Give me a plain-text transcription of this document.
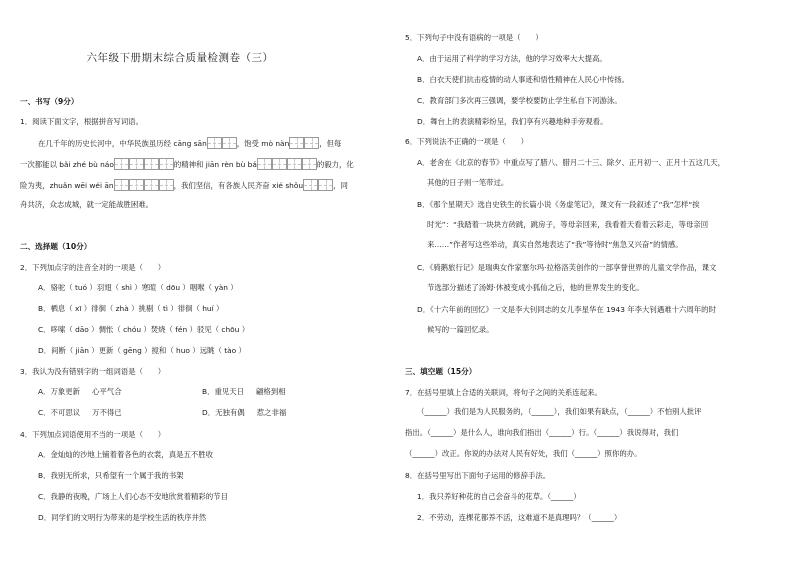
六年级下册期末综合质量检测卷（三）
一、书写（9分）
1．阅读下面文字，根据拼音写词语。
在几千年的历史长河中，中华民族虽历经 cāng sān	，饱受 mò nàn	，但每
一次都能以 bǎi zhé bù náo	的精神和 jiān rèn bù bá	的毅力，化
险为夷，zhuǎn wēi wéi ān	，我们坚信，有各族人民齐奋 xié shǒu	，同
舟共济，众志成城，就一定能战胜困难。
二、选择题（10分）
2．下列加点字的注音全对的一项是（　　）
A．骆驼（ tuó ）羽翅（ shì ）寒暄（ dōu ）咽喉（ yàn ）
B．栖息（ xī ）徘徊（ zhà ）挑剔（ tì ）徘徊（ huí ）
C．哆嗦（ dāo ）惆怅（ chóu ）焚烧（ fén ）驳见（ chōu ）
D．间断（ jiān ）更新（ gēng ）搅和（ huo ）远眺（ tào ）
3．我认为没有错别字的一组词语是（　　）
A．万象更新 心平气合	B．重见天日 翩格到相
C．不可思议 万不得已	D．无独有偶 惹之非福
4．下列加点词语使用不当的一项是（　　）
A．金灿灿的沙地上铺着着各色的衣裳，真是五不胜收
B．我别无所求，只希望有一个属于我的书架
C．我静的夜晚，广场上人们心态不安地欣赏着精彩的节目
D．同学们的文明行为带来的是学校生活的秩序井然
5．下列句子中没有语病的一项是（　　）
A．由于运用了科学的学习方法，他的学习效率大大提高。
B．白衣天使们抗击疫情的动人事迹和悟性精神在人民心中传扬。
C．教育部门多次再三强调，要学校要防止学生私自下河游泳。
D．舞台上的表演精彩纷呈，我们享有兴趣地种手旁观看。
6．下列说法不正确的一项是（　　）
A．老舍在《北京的春节》中重点写了腊八、腊月二十三、除夕、正月初一、正月十五这几天，
其他的日子则一笔带过。
B．《那个星期天》选自史铁生的长篇小说《务虚笔记》，课文有一段叙述了“我”怎样“挨
时光”：“我踏着一块块方砖跳，跳房子，等母亲回来，我看着天看着云彩走，等母亲回
来……”作者写这些举动，真实自然地表达了“我”等待时“焦急又兴奋”的情感。
C．《骑鹅旅行记》是瑞典女作家塞尔玛·拉格洛芙创作的一部享誉世界的儿童文学作品，课文
节选部分描述了汤姆·休被变成小狐仙之后，他的世界发生的变化。
D．《十六年前的回忆》一文是李大钊同志的女儿李星华在 1943 年李大钊遇难十六周年的时
候写的一篇回忆录。
三、填空题（15分）
7．在括号里填上合适的关联词，将句子之间的关系连起来。
（______）我们是为人民服务的，（______），我们如果有缺点，（______）不怕别人批评
指出。（______）是什么人，谁向我们指出（______）行。（______）我说得对，我们
（______）改正。你说的办法对人民有好处，我们（______）照你的办。
8．在括号里写出下面句子运用的修辞手法。
1．我只养好种花的自己会奋斗的花草。（______）
2．不劳动，连棵花都养不活，这难道不是真理吗？（______）
